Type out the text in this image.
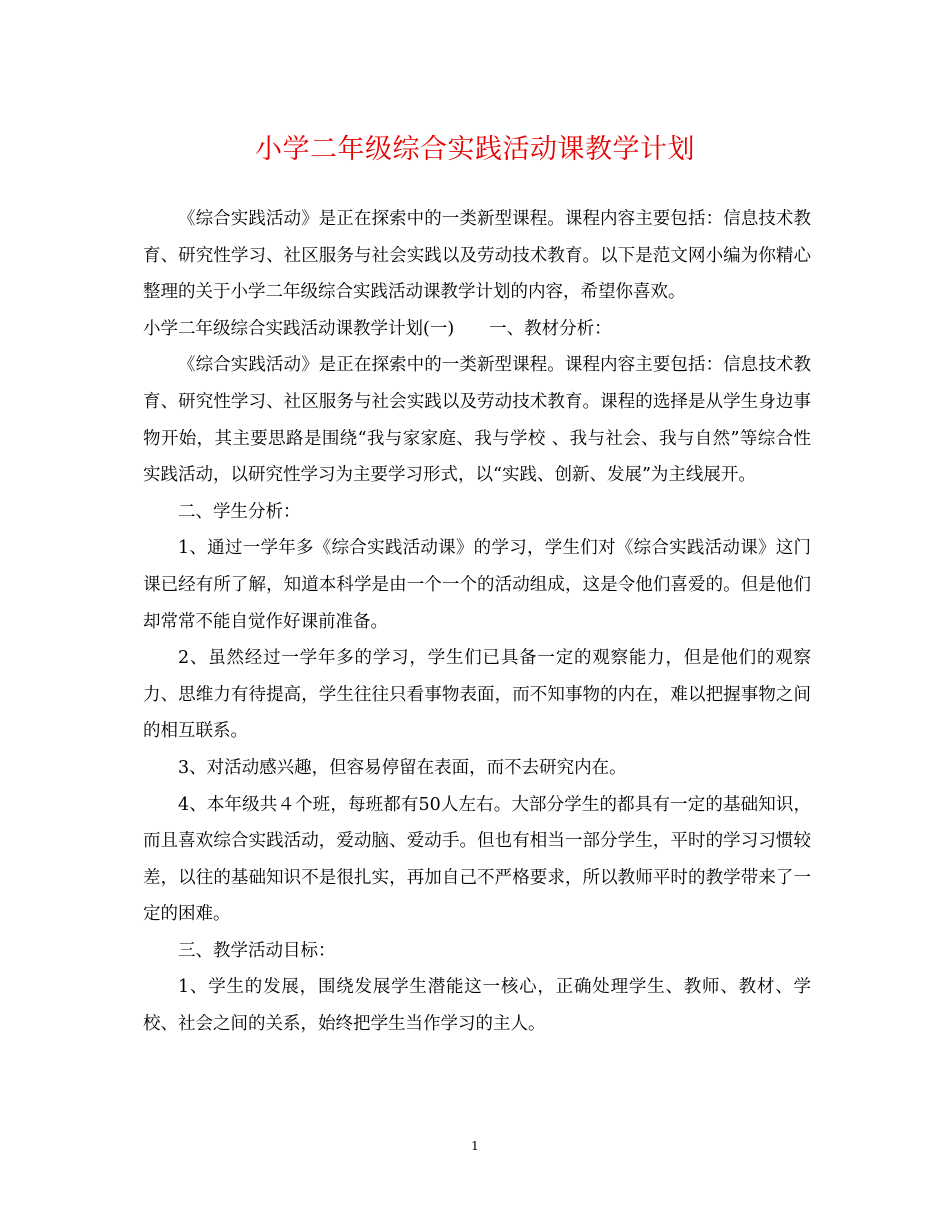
小学二年级综合实践活动课教学计划

《综合实践活动》是正在探索中的一类新型课程。课程内容主要包括：信息技术教育、研究性学习、社区服务与社会实践以及劳动技术教育。以下是范文网小编为你精心整理的关于小学二年级综合实践活动课教学计划的内容，希望你喜欢。

小学二年级综合实践活动课教学计划(一)　　一、教材分析：

《综合实践活动》是正在探索中的一类新型课程。课程内容主要包括：信息技术教育、研究性学习、社区服务与社会实践以及劳动技术教育。课程的选择是从学生身边事物开始，其主要思路是围绕“我与家家庭、我与学校 、我与社会、我与自然”等综合性实践活动，以研究性学习为主要学习形式，以“实践、创新、发展”为主线展开。

二、学生分析：

1、通过一学年多《综合实践活动课》的学习，学生们对《综合实践活动课》这门课已经有所了解，知道本科学是由一个一个的活动组成，这是令他们喜爱的。但是他们却常常不能自觉作好课前准备。

2、虽然经过一学年多的学习，学生们已具备一定的观察能力，但是他们的观察力、思维力有待提高，学生往往只看事物表面，而不知事物的内在，难以把握事物之间的相互联系。

3、对活动感兴趣，但容易停留在表面，而不去研究内在。

4、本年级共４个班，每班都有50人左右。大部分学生的都具有一定的基础知识，而且喜欢综合实践活动，爱动脑、爱动手。但也有相当一部分学生，平时的学习习惯较差，以往的基础知识不是很扎实，再加自己不严格要求，所以教师平时的教学带来了一定的困难。

三、教学活动目标：

1、学生的发展，围绕发展学生潜能这一核心，正确处理学生、教师、教材、学校、社会之间的关系，始终把学生当作学习的主人。

1
